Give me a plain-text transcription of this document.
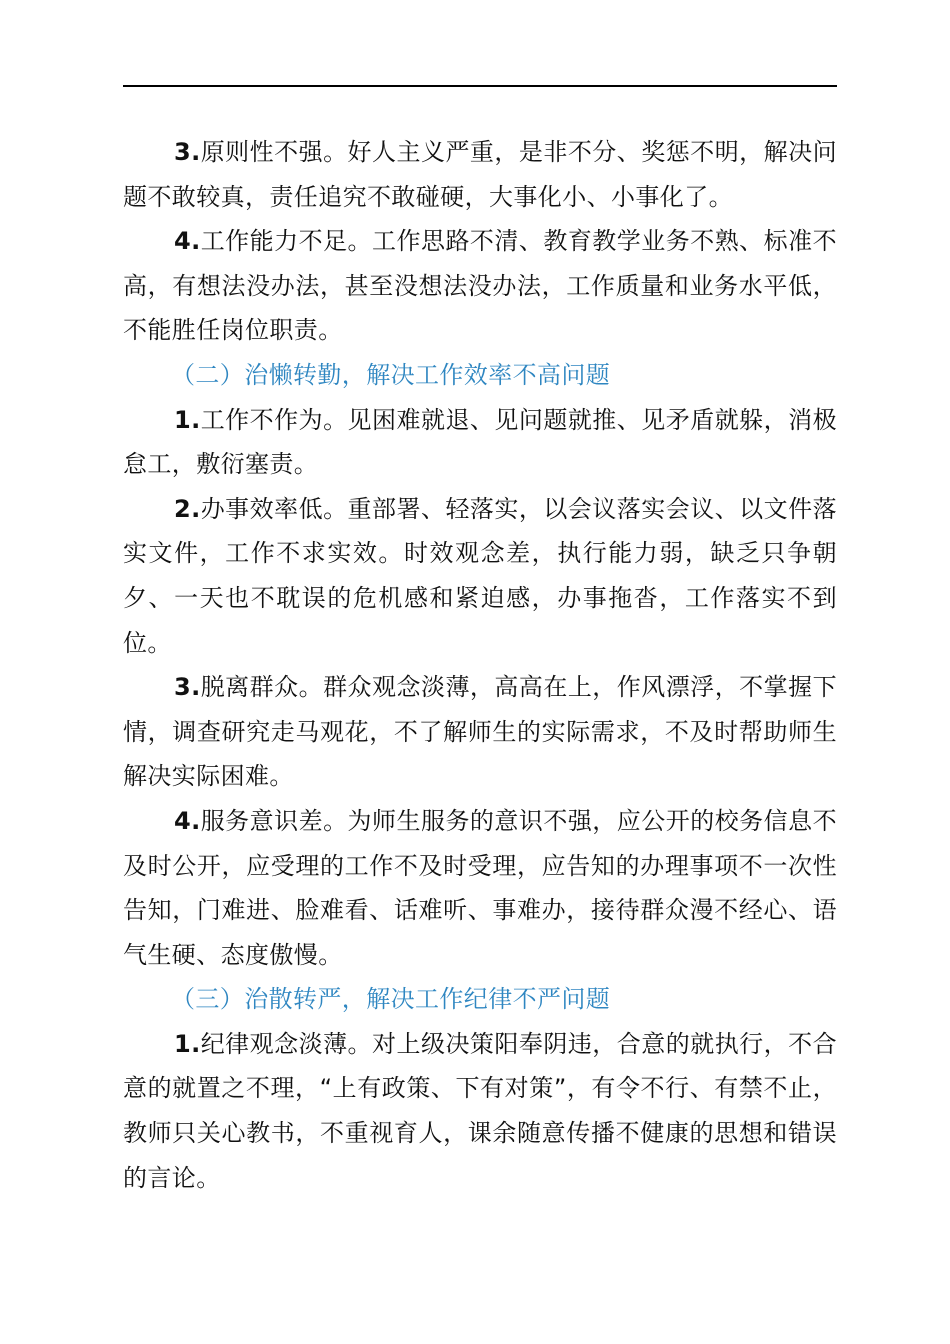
3.原则性不强。好人主义严重，是非不分、奖惩不明，解决问题不敢较真，责任追究不敢碰硬，大事化小、小事化了。

4.工作能力不足。工作思路不清、教育教学业务不熟、标准不高，有想法没办法，甚至没想法没办法，工作质量和业务水平低，不能胜任岗位职责。

（二）治懒转勤，解决工作效率不高问题

1.工作不作为。见困难就退、见问题就推、见矛盾就躲，消极怠工，敷衍塞责。

2.办事效率低。重部署、轻落实，以会议落实会议、以文件落实文件，工作不求实效。时效观念差，执行能力弱，缺乏只争朝夕、一天也不耽误的危机感和紧迫感，办事拖沓，工作落实不到位。

3.脱离群众。群众观念淡薄，高高在上，作风漂浮，不掌握下情，调查研究走马观花，不了解师生的实际需求，不及时帮助师生解决实际困难。

4.服务意识差。为师生服务的意识不强，应公开的校务信息不及时公开，应受理的工作不及时受理，应告知的办理事项不一次性告知，门难进、脸难看、话难听、事难办，接待群众漫不经心、语气生硬、态度傲慢。

（三）治散转严，解决工作纪律不严问题

1.纪律观念淡薄。对上级决策阳奉阴违，合意的就执行，不合意的就置之不理，“上有政策、下有对策”，有令不行、有禁不止，教师只关心教书，不重视育人，课余随意传播不健康的思想和错误的言论。
